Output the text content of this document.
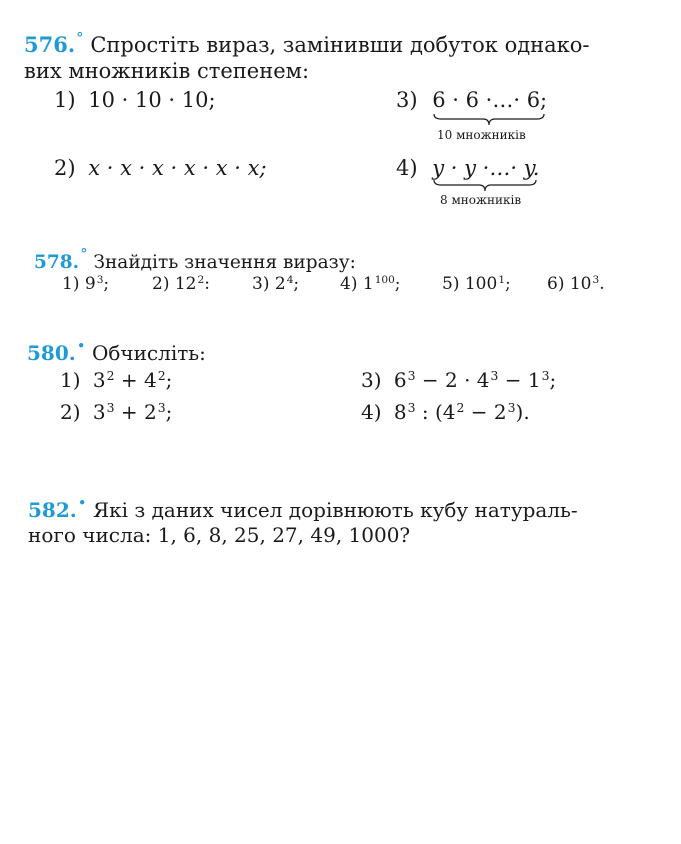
576.° Спростіть вираз, замінивши добуток однако-
вих множників степенем:
1) 10 · 10 · 10;	3) 6 · 6 ·…· 6;
10 множників
2) x · x · x · x · x · x;	4) y · y ·…· y.
8 множників
578.° Знайдіть значення виразу:
1) $9^3$;	2) $12^2$: 3) $2^4$; 4) $1^{100}$; 5) $100^1$; 6) $10^3$.
580.• Обчисліть:
1) $3^2 + 4^2$;	3) $6^3 - 2 \cdot 4^3 - 1^3$;
2) $3^3 + 2^3$;	4) $8^3$ : $(4^2 - 2^3)$.
582.• Які з даних чисел дорівнюють кубу натураль-
ного числа: 1, 6, 8, 25, 27, 49, 1000?
